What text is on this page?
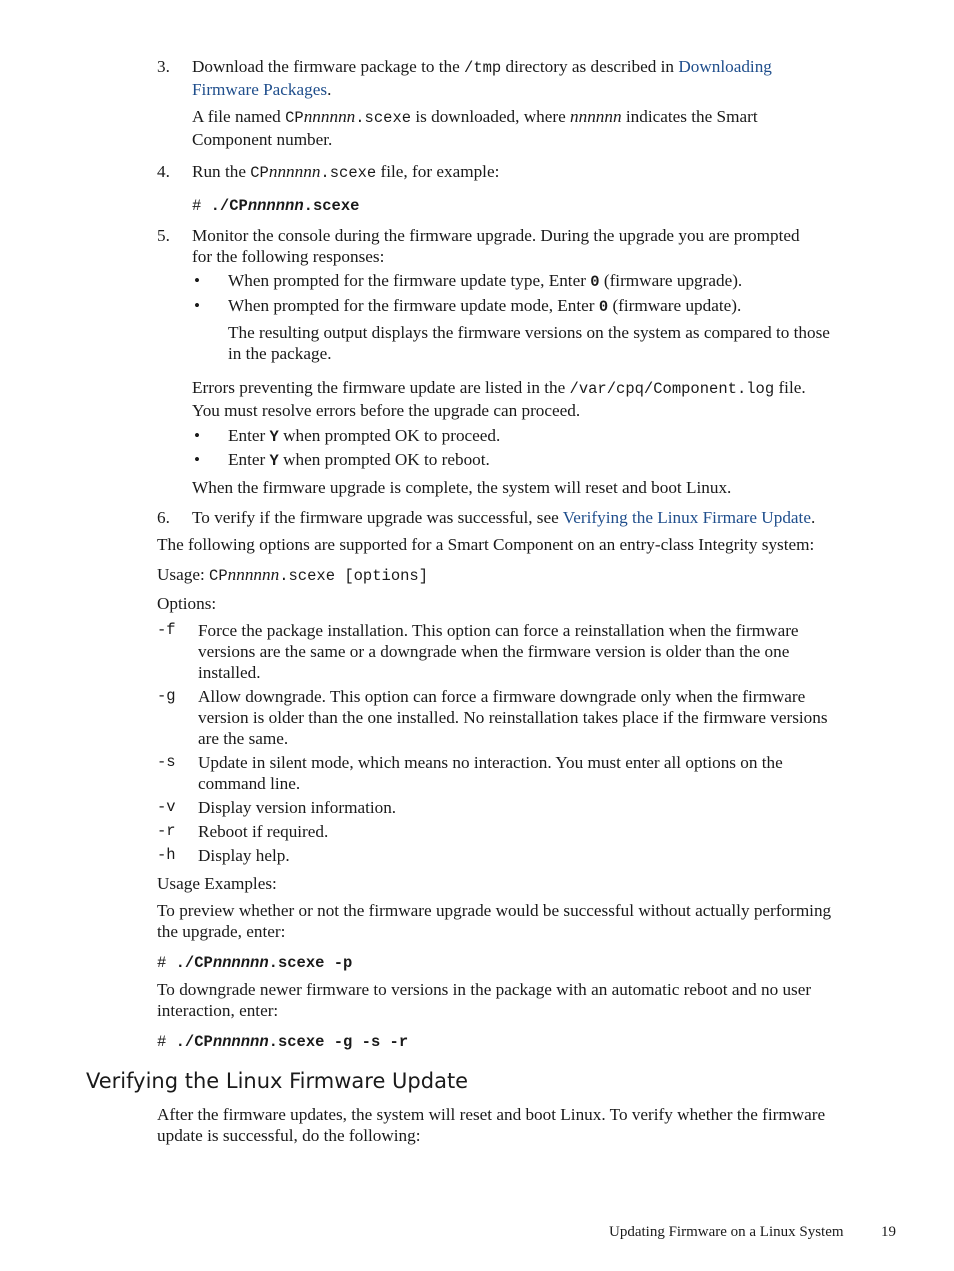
3. Download the firmware package to the /tmp directory as described in Downloading
Firmware Packages.
A file named CPnnnnnn.scexe is downloaded, where nnnnnn indicates the Smart
Component number.
4. Run the CPnnnnnn.scexe file, for example:
# ./CPnnnnnn.scexe
5. Monitor the console during the firmware upgrade. During the upgrade you are prompted
for the following responses:
• When prompted for the firmware update type, Enter 0 (firmware upgrade).
• When prompted for the firmware update mode, Enter 0 (firmware update).
The resulting output displays the firmware versions on the system as compared to those
in the package.
Errors preventing the firmware update are listed in the /var/cpq/Component.log file.
You must resolve errors before the upgrade can proceed.
• Enter Y when prompted OK to proceed.
• Enter Y when prompted OK to reboot.
When the firmware upgrade is complete, the system will reset and boot Linux.
6. To verify if the firmware upgrade was successful, see Verifying the Linux Firmare Update.
The following options are supported for a Smart Component on an entry-class Integrity system:
Usage: CPnnnnnn.scexe [options]
Options:
-f Force the package installation. This option can force a reinstallation when the firmware
versions are the same or a downgrade when the firmware version is older than the one
installed.
-g Allow downgrade. This option can force a firmware downgrade only when the firmware
version is older than the one installed. No reinstallation takes place if the firmware versions
are the same.
-s Update in silent mode, which means no interaction. You must enter all options on the
command line.
-v Display version information.
-r Reboot if required.
-h Display help.
Usage Examples:
To preview whether or not the firmware upgrade would be successful without actually performing
the upgrade, enter:
# ./CPnnnnnn.scexe -p
To downgrade newer firmware to versions in the package with an automatic reboot and no user
interaction, enter:
# ./CPnnnnnn.scexe -g -s -r
Verifying the Linux Firmware Update
After the firmware updates, the system will reset and boot Linux. To verify whether the firmware
update is successful, do the following:
Updating Firmware on a Linux System 19
